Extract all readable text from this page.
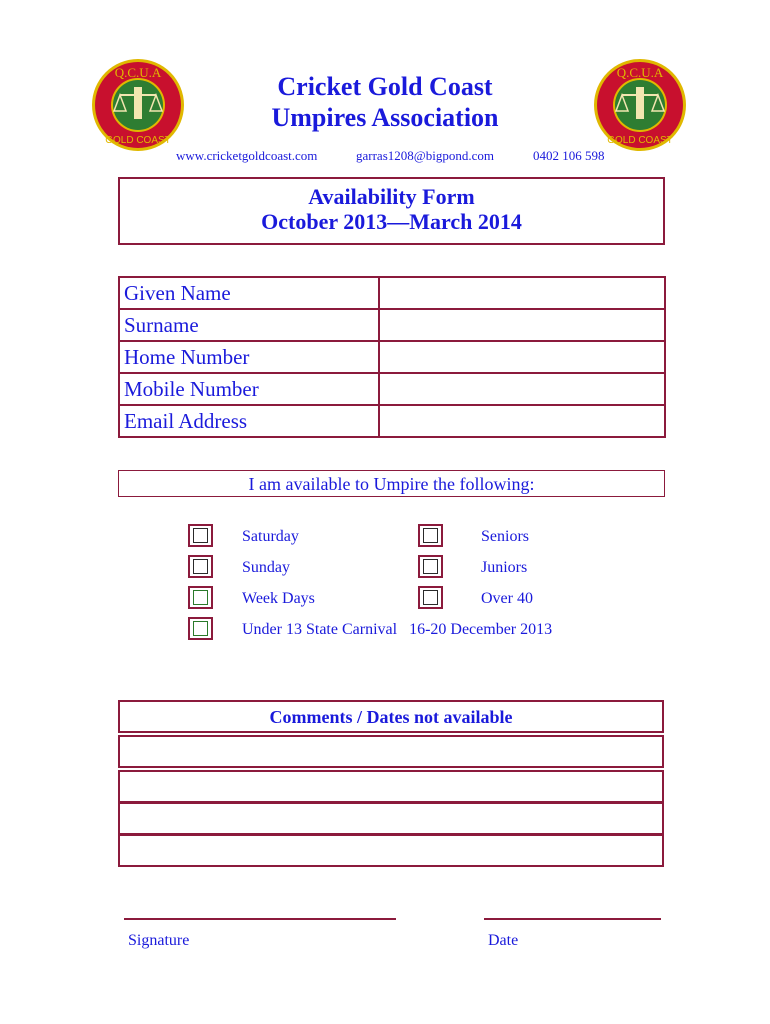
Q.C.U.A
GOLD COAST
Q.C.U.A
GOLD COAST
Cricket Gold Coast
Umpires Association
www.cricketgoldcoast.com	garras1208@bigpond.com	0402 106 598
Availability Form
October 2013—March 2014
Given Name	
Surname	
Home Number	
Mobile Number	
Email Address	
I am available to Umpire the following:
Saturday
Sunday
Week Days
Under 13 State Carnival   16-20 December 2013
Seniors
Juniors
Over 40
Comments / Dates not available
Signature	Date
